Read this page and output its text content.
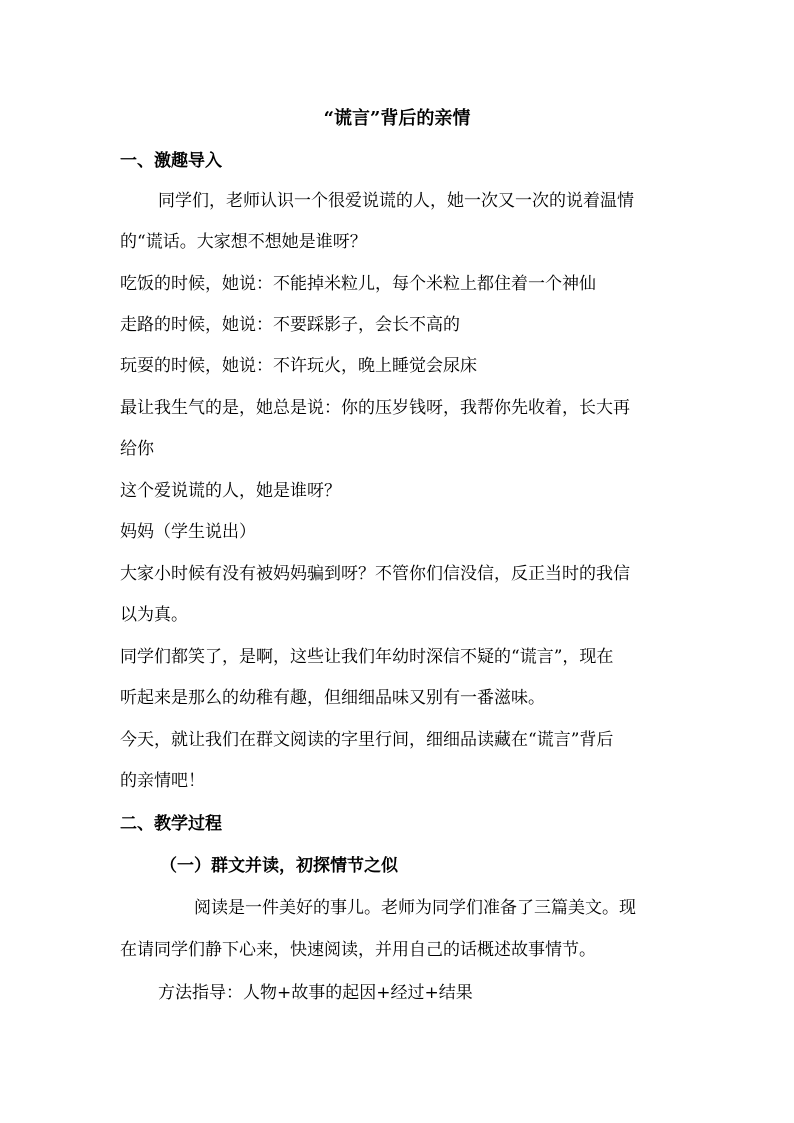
“谎言”背后的亲情
一、激趣导入
同学们，老师认识一个很爱说谎的人，她一次又一次的说着温情
的“谎话。大家想不想她是谁呀？
吃饭的时候，她说：不能掉米粒儿，每个米粒上都住着一个神仙
走路的时候，她说：不要踩影子，会长不高的
玩耍的时候，她说：不许玩火，晚上睡觉会尿床
最让我生气的是，她总是说：你的压岁钱呀，我帮你先收着，长大再
给你
这个爱说谎的人，她是谁呀？
妈妈（学生说出）
大家小时候有没有被妈妈骗到呀？不管你们信没信，反正当时的我信
以为真。
同学们都笑了，是啊，这些让我们年幼时深信不疑的“谎言”，现在
听起来是那么的幼稚有趣，但细细品味又别有一番滋味。
今天，就让我们在群文阅读的字里行间，细细品读藏在“谎言”背后
的亲情吧！
二、教学过程
（一）群文并读，初探情节之似
阅读是一件美好的事儿。老师为同学们准备了三篇美文。现
在请同学们静下心来，快速阅读，并用自己的话概述故事情节。
方法指导：人物+故事的起因+经过+结果
